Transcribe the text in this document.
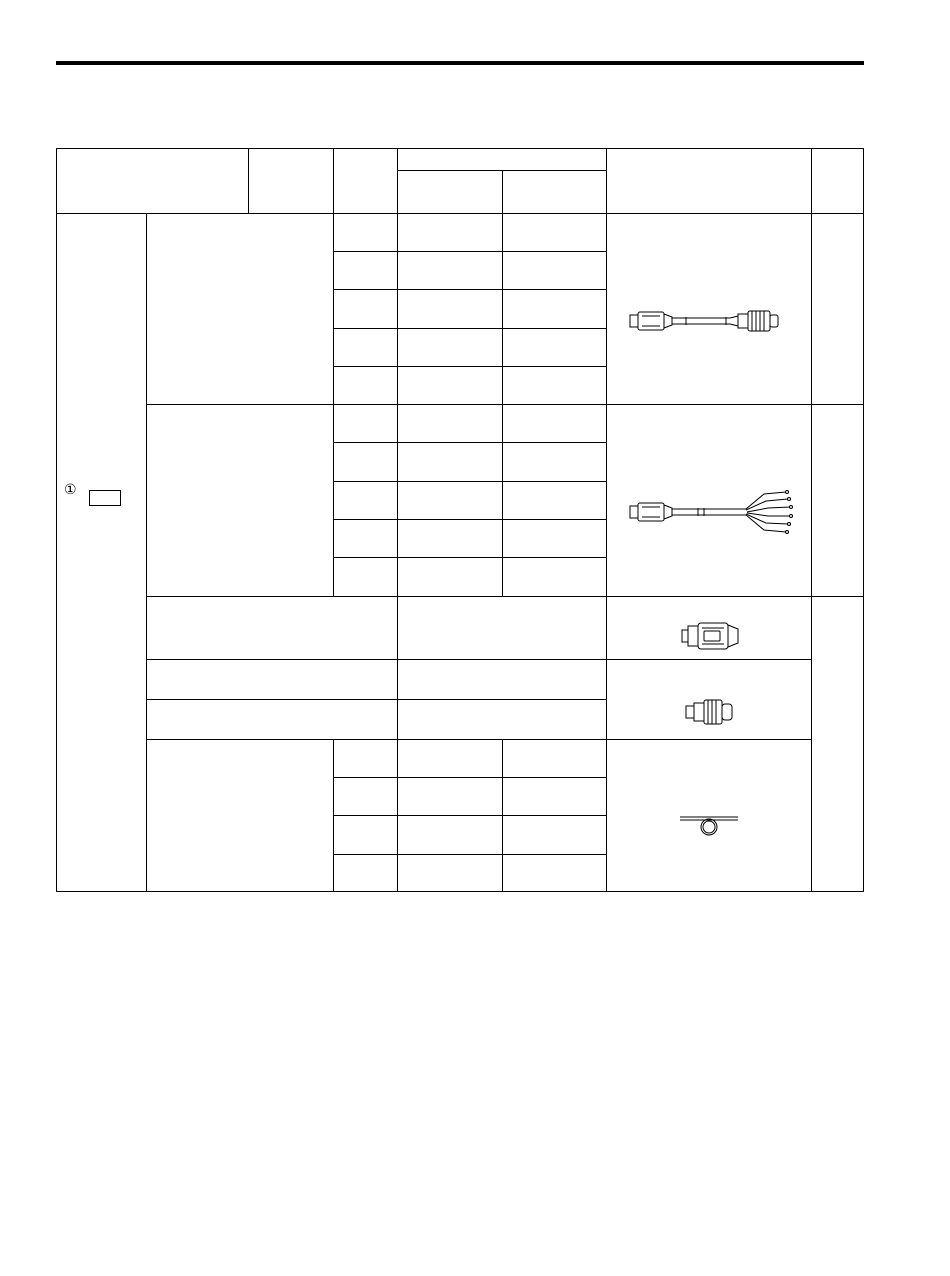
①
